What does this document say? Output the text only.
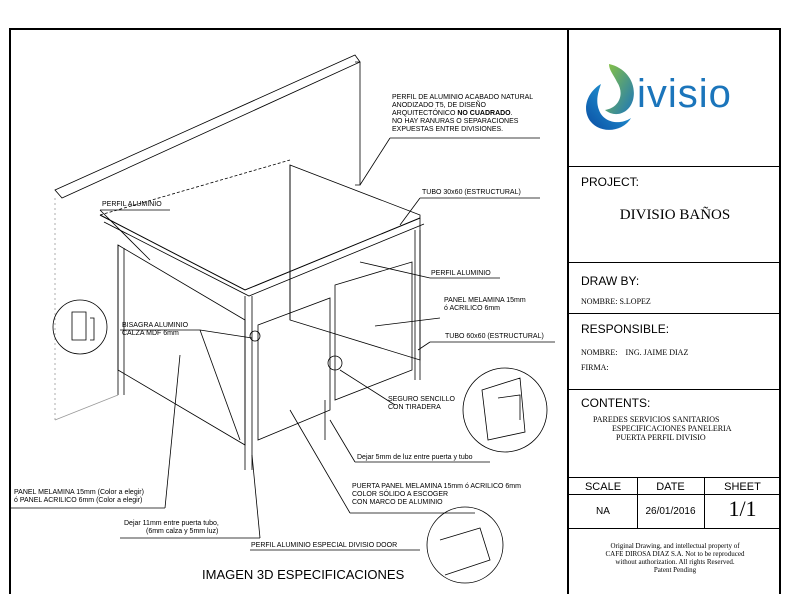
PERFIL DE ALUMINIO ACABADO NATURAL
ANODIZADO T5, DE DISEÑO
ARQUITECTÓNICO NO CUADRADO.
NO HAY RANURAS O SEPARACIONES
EXPUESTAS ENTRE DIVISIONES.
TUBO 30x60 (ESTRUCTURAL)
PERFIL ALUMINIO
PERFIL ALUMINIO
PANEL MELAMINA 15mm
ó ACRILICO 6mm
TUBO 60x60 (ESTRUCTURAL)
BISAGRA ALUMINIO
CALZA MDF 6mm
SEGURO SENCILLO
CON TIRADERA
Dejar 5mm de luz entre puerta y tubo
PANEL MELAMINA 15mm (Color a elegir)
ó PANEL ACRILICO 6mm (Color a elegir)
PUERTA PANEL MELAMINA 15mm ó ACRILICO 6mm
COLOR SÓLIDO A ESCOGER
CON MARCO DE ALUMINIO
Dejar 11mm entre puerta tubo,
(6mm calza y 5mm luz)
PERFIL ALUMINIO ESPECIAL DIVISIO DOOR
IMAGEN 3D ESPECIFICACIONES
ivisio
PROJECT:
DIVISIO BAÑOS
DRAW BY:
NOMBRE: S.LOPEZ
RESPONSIBLE:
NOMBRE:    ING. JAIME DIAZ
FIRMA:
CONTENTS:
PAREDES SERVICIOS SANITARIOS
ESPECIFICACIONES PANELERIA
PUERTA PERFIL DIVISIO
SCALE	DATE	SHEET
NA	26/01/2016	1/1
Original Drawing, and intellectual property of
CAFE DIROSA DIAZ S.A. Not to be reproduced
without authorization. All rights Reserved.
Patent Pending
